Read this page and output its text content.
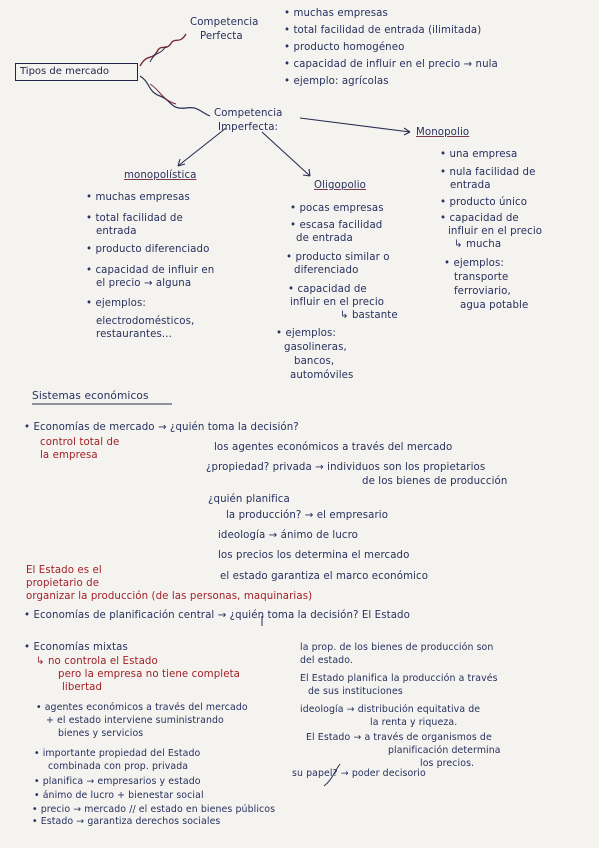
Tipos de mercado
Competencia
Perfecta
• muchas empresas
• total facilidad de entrada (ilimitada)
• producto homogéneo
• capacidad de influir en el precio → nula
• ejemplo: agrícolas
Competencia
Imperfecta:
monopolística
• muchas empresas
• total facilidad de
entrada
• producto diferenciado
• capacidad de influir en
el precio → alguna
• ejemplos:
electrodomésticos,
restaurantes...
Oligopolio
• pocas empresas
• escasa facilidad
de entrada
• producto similar o
diferenciado
• capacidad de
influir en el precio
↳ bastante
• ejemplos:
gasolineras,
bancos,
automóviles
Monopolio
• una empresa
• nula facilidad de
entrada
• producto único
• capacidad de
influir en el precio
↳ mucha
• ejemplos:
transporte
ferroviario,
agua potable
Sistemas económicos
• Economías de mercado → ¿quién toma la decisión?
control total de
la empresa
los agentes económicos a través del mercado
¿propiedad? privada → individuos son los propietarios
de los bienes de producción
¿quién planifica
la producción? → el empresario
ideología → ánimo de lucro
los precios los determina el mercado
el estado garantiza el marco económico
El Estado es el
propietario de
organizar la producción (de las personas, maquinarias)
• Economías de planificación central → ¿quién toma la decisión? El Estado
la prop. de los bienes de producción son
del estado.
El Estado planifica la producción a través
de sus instituciones
ideología → distribución equitativa de
la renta y riqueza.
El Estado → a través de organismos de
planificación determina
los precios.
• Economías mixtas
↳ no controla el Estado
pero la empresa no tiene completa
libertad
• agentes económicos a través del mercado
+ el estado interviene suministrando
bienes y servicios
• importante propiedad del Estado
combinada con prop. privada
• planifica → empresarios y estado
• ánimo de lucro + bienestar social
• precio → mercado // el estado en bienes públicos
• Estado → garantiza derechos sociales
su papel? → poder decisorio
